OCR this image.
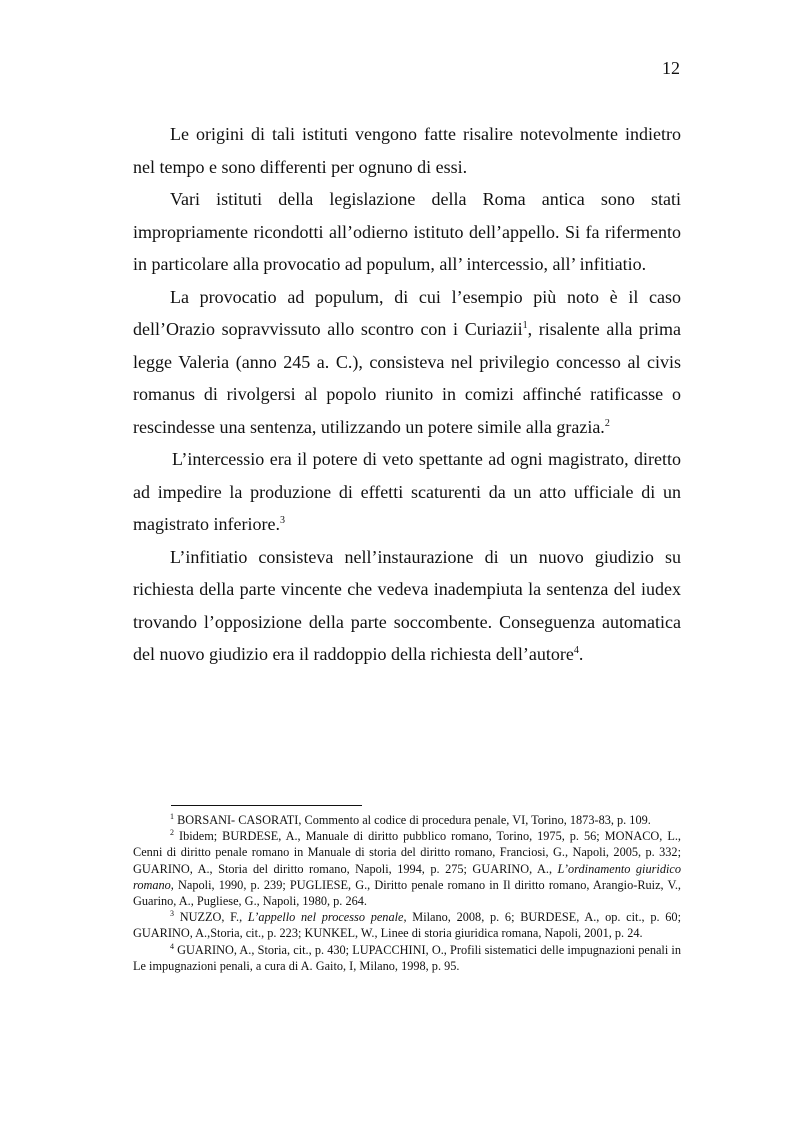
12

Le origini di tali istituti vengono fatte risalire notevolmente indietro nel tempo e sono differenti per ognuno di essi.

Vari istituti della legislazione della Roma antica sono stati impropriamente ricondotti all’odierno istituto dell’appello. Si fa rifermento in particolare alla provocatio ad populum, all’ intercessio, all’ infitiatio.

La provocatio ad populum, di cui l’esempio più noto è il caso dell’Orazio sopravvissuto allo scontro con i Curiazii$^1$, risalente alla prima legge Valeria (anno 245 a. C.), consisteva nel privilegio concesso al civis romanus di rivolgersi al popolo riunito in comizi affinché ratificasse o rescindesse una sentenza, utilizzando un potere simile alla grazia.$^2$

L’intercessio era il potere di veto spettante ad ogni magistrato, diretto ad impedire la produzione di effetti scaturenti da un atto ufficiale di un magistrato inferiore.$^3$

L’infitiatio consisteva nell’instaurazione di un nuovo giudizio su richiesta della parte vincente che vedeva inadempiuta la sentenza del iudex trovando l’opposizione della parte soccombente. Conseguenza automatica del nuovo giudizio era il raddoppio della richiesta dell’autore$^4$.

$^1$ BORSANI- CASORATI, Commento al codice di procedura penale, VI, Torino, 1873-83, p. 109.

$^2$ Ibidem; BURDESE, A., Manuale di diritto pubblico romano, Torino, 1975, p. 56; MONACO, L., Cenni di diritto penale romano in Manuale di storia del diritto romano, Franciosi, G., Napoli, 2005, p. 332; GUARINO, A., Storia del diritto romano, Napoli, 1994, p. 275; GUARINO, A., L’ordinamento giuridico romano, Napoli, 1990, p. 239; PUGLIESE, G., Diritto penale romano in Il diritto romano, Arangio-Ruiz, V., Guarino, A., Pugliese, G., Napoli, 1980, p. 264.

$^3$ NUZZO, F., L’appello nel processo penale, Milano, 2008, p. 6; BURDESE, A., op. cit., p. 60; GUARINO, A.,Storia, cit., p. 223; KUNKEL, W., Linee di storia giuridica romana, Napoli, 2001, p. 24.

$^4$ GUARINO, A., Storia, cit., p. 430; LUPACCHINI, O., Profili sistematici delle impugnazioni penali in Le impugnazioni penali, a cura di A. Gaito, I, Milano, 1998, p. 95.
